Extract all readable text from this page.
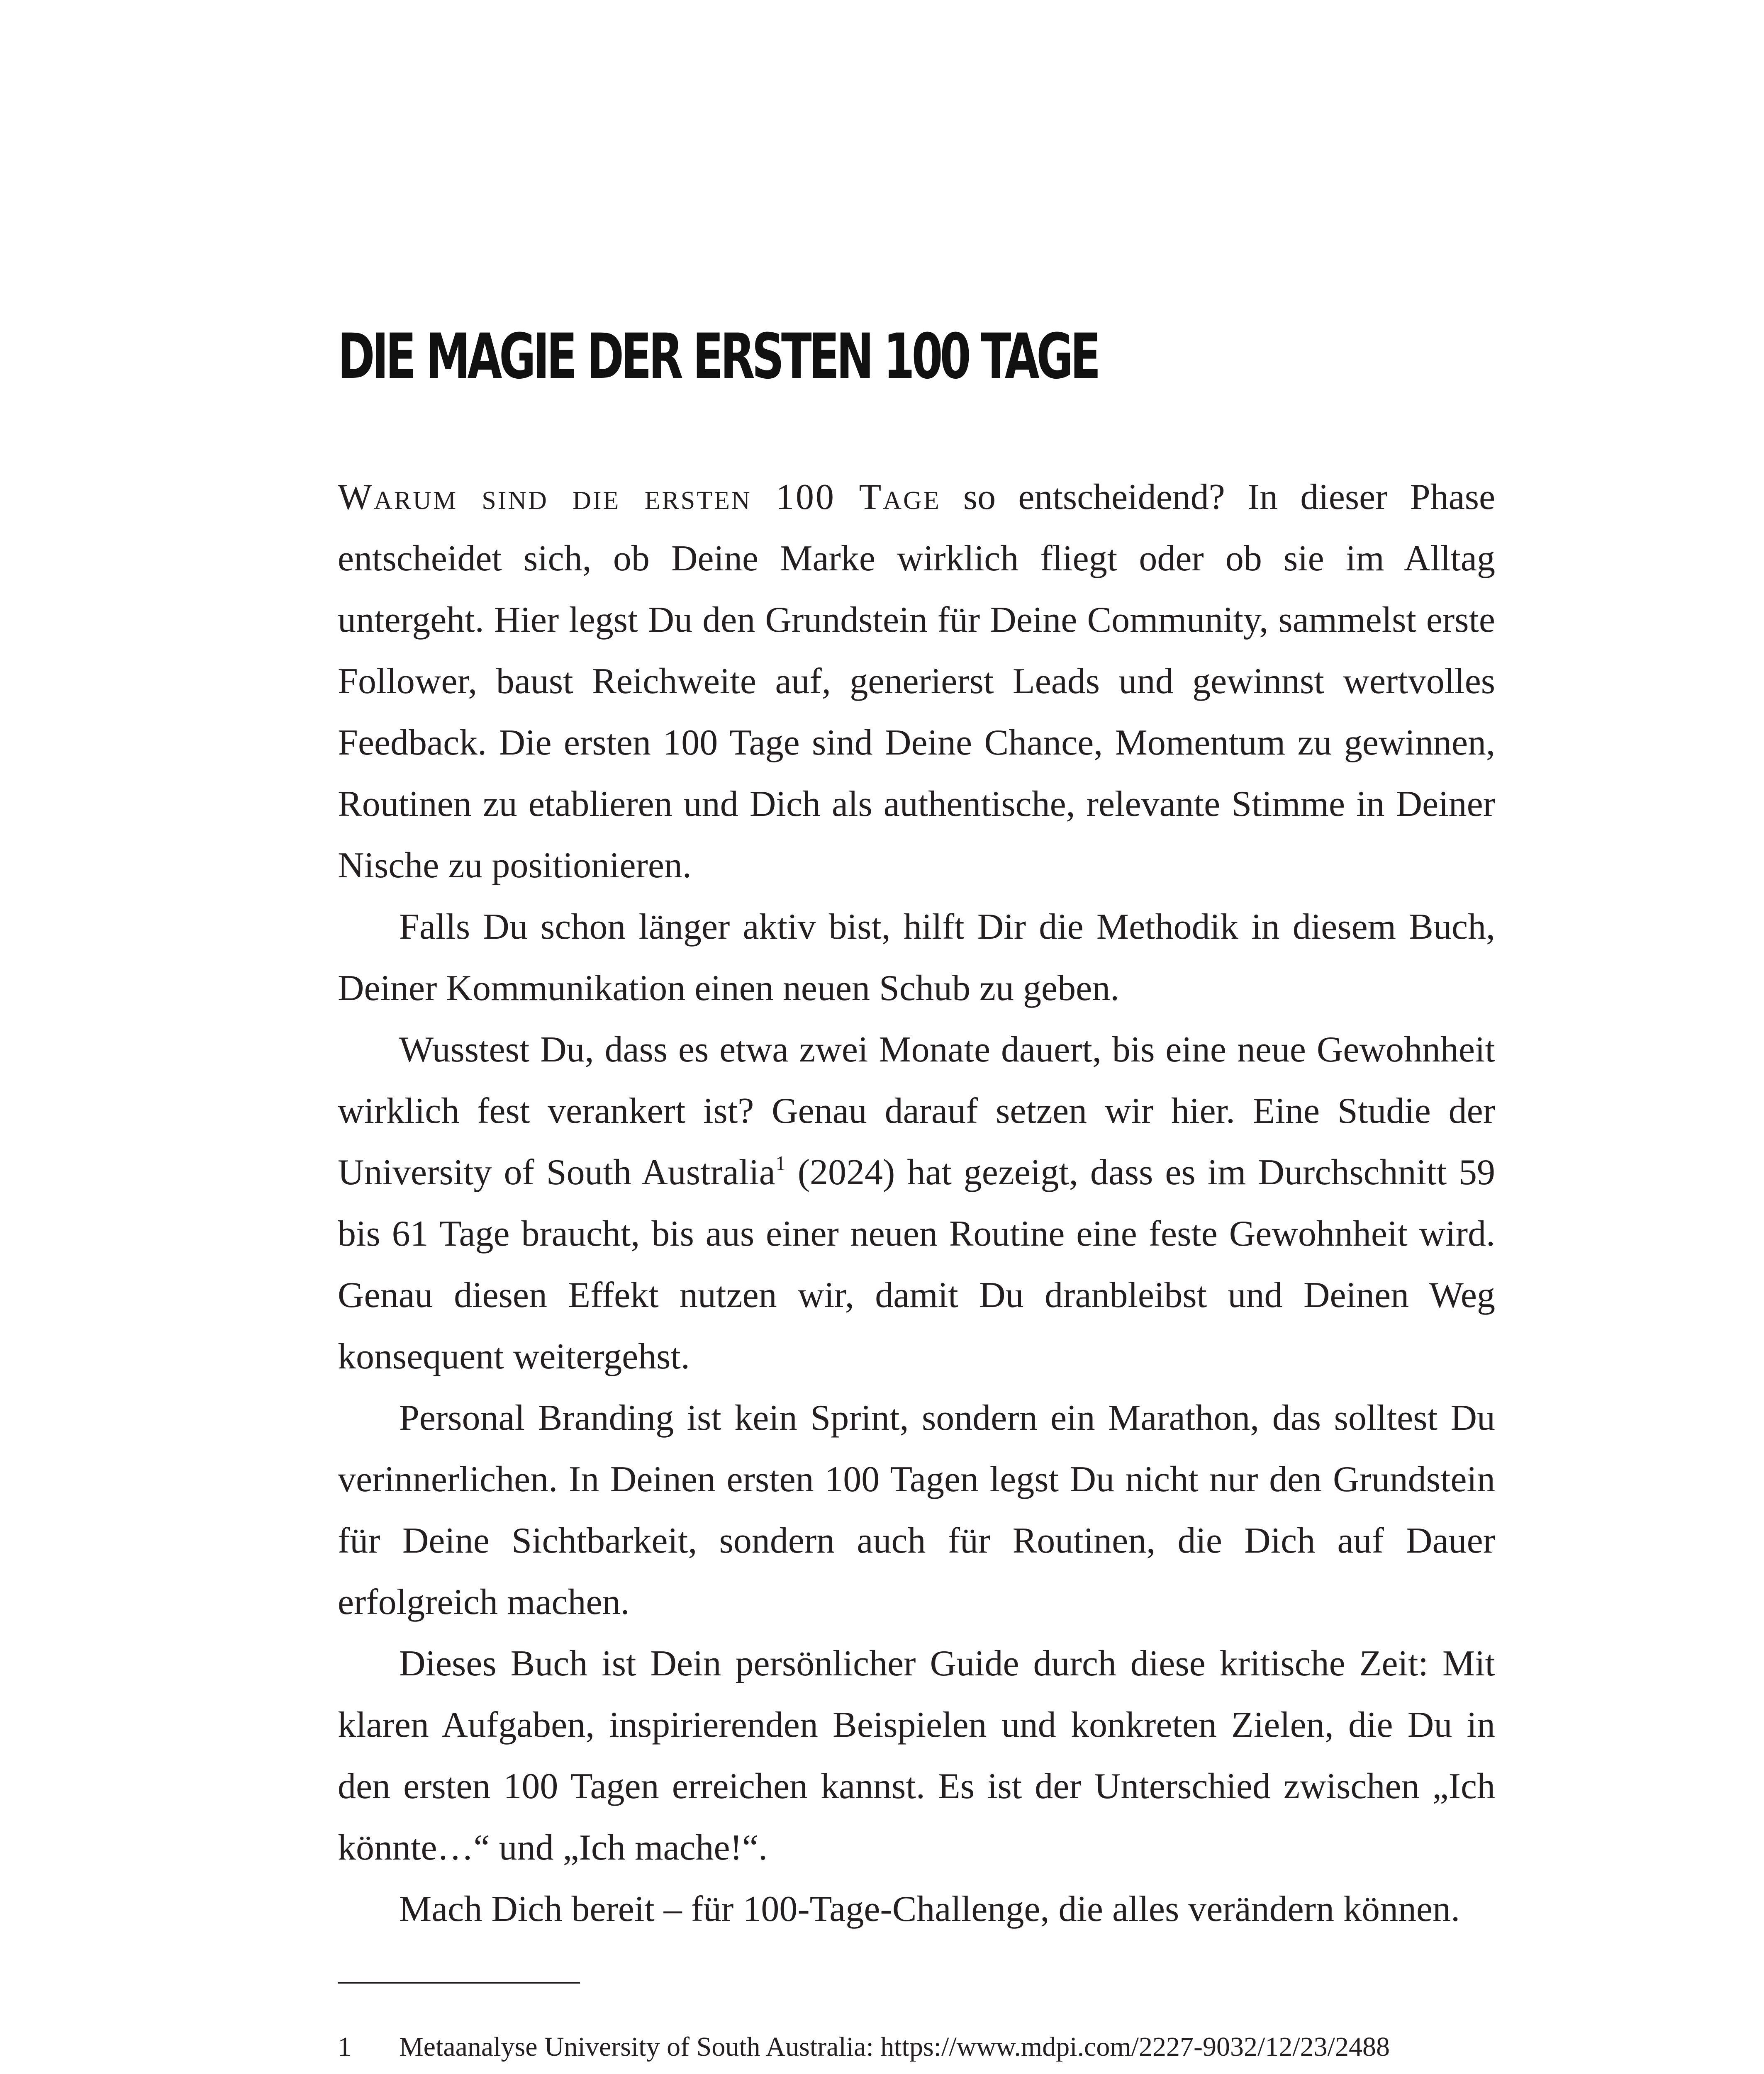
DIE MAGIE DER ERSTEN 100 TAGE

Warum sind die ersten 100 Tage so entscheidend? In dieser Phase entscheidet sich, ob Deine Marke wirklich fliegt oder ob sie im Alltag untergeht. Hier legst Du den Grundstein für Deine Community, sammelst erste Follower, baust Reichweite auf, generierst Leads und gewinnst wertvolles Feedback. Die ersten 100 Tage sind Deine Chance, Momentum zu gewinnen, Routinen zu etablieren und Dich als authentische, relevante Stimme in Deiner Nische zu positionieren.

Falls Du schon länger aktiv bist, hilft Dir die Methodik in diesem Buch, Deiner Kommunikation einen neuen Schub zu geben.

Wusstest Du, dass es etwa zwei Monate dauert, bis eine neue Gewohnheit wirklich fest verankert ist? Genau darauf setzen wir hier. Eine Studie der University of South Australia$^1$ (2024) hat gezeigt, dass es im Durchschnitt 59 bis 61 Tage braucht, bis aus einer neuen Routine eine feste Gewohnheit wird. Genau diesen Effekt nutzen wir, damit Du dranbleibst und Deinen Weg konsequent weitergehst.

Personal Branding ist kein Sprint, sondern ein Marathon, das solltest Du verinnerlichen. In Deinen ersten 100 Tagen legst Du nicht nur den Grundstein für Deine Sichtbarkeit, sondern auch für Routinen, die Dich auf Dauer erfolgreich machen.

Dieses Buch ist Dein persönlicher Guide durch diese kritische Zeit: Mit klaren Aufgaben, inspirierenden Beispielen und konkreten Zielen, die Du in den ersten 100 Tagen erreichen kannst. Es ist der Unterschied zwischen „Ich könnte…“ und „Ich mache!“.

Mach Dich bereit – für 100-Tage-Challenge, die alles verändern können.

1 Metaanalyse University of South Australia: https://www.mdpi.com/2227-9032/12/23/2488
